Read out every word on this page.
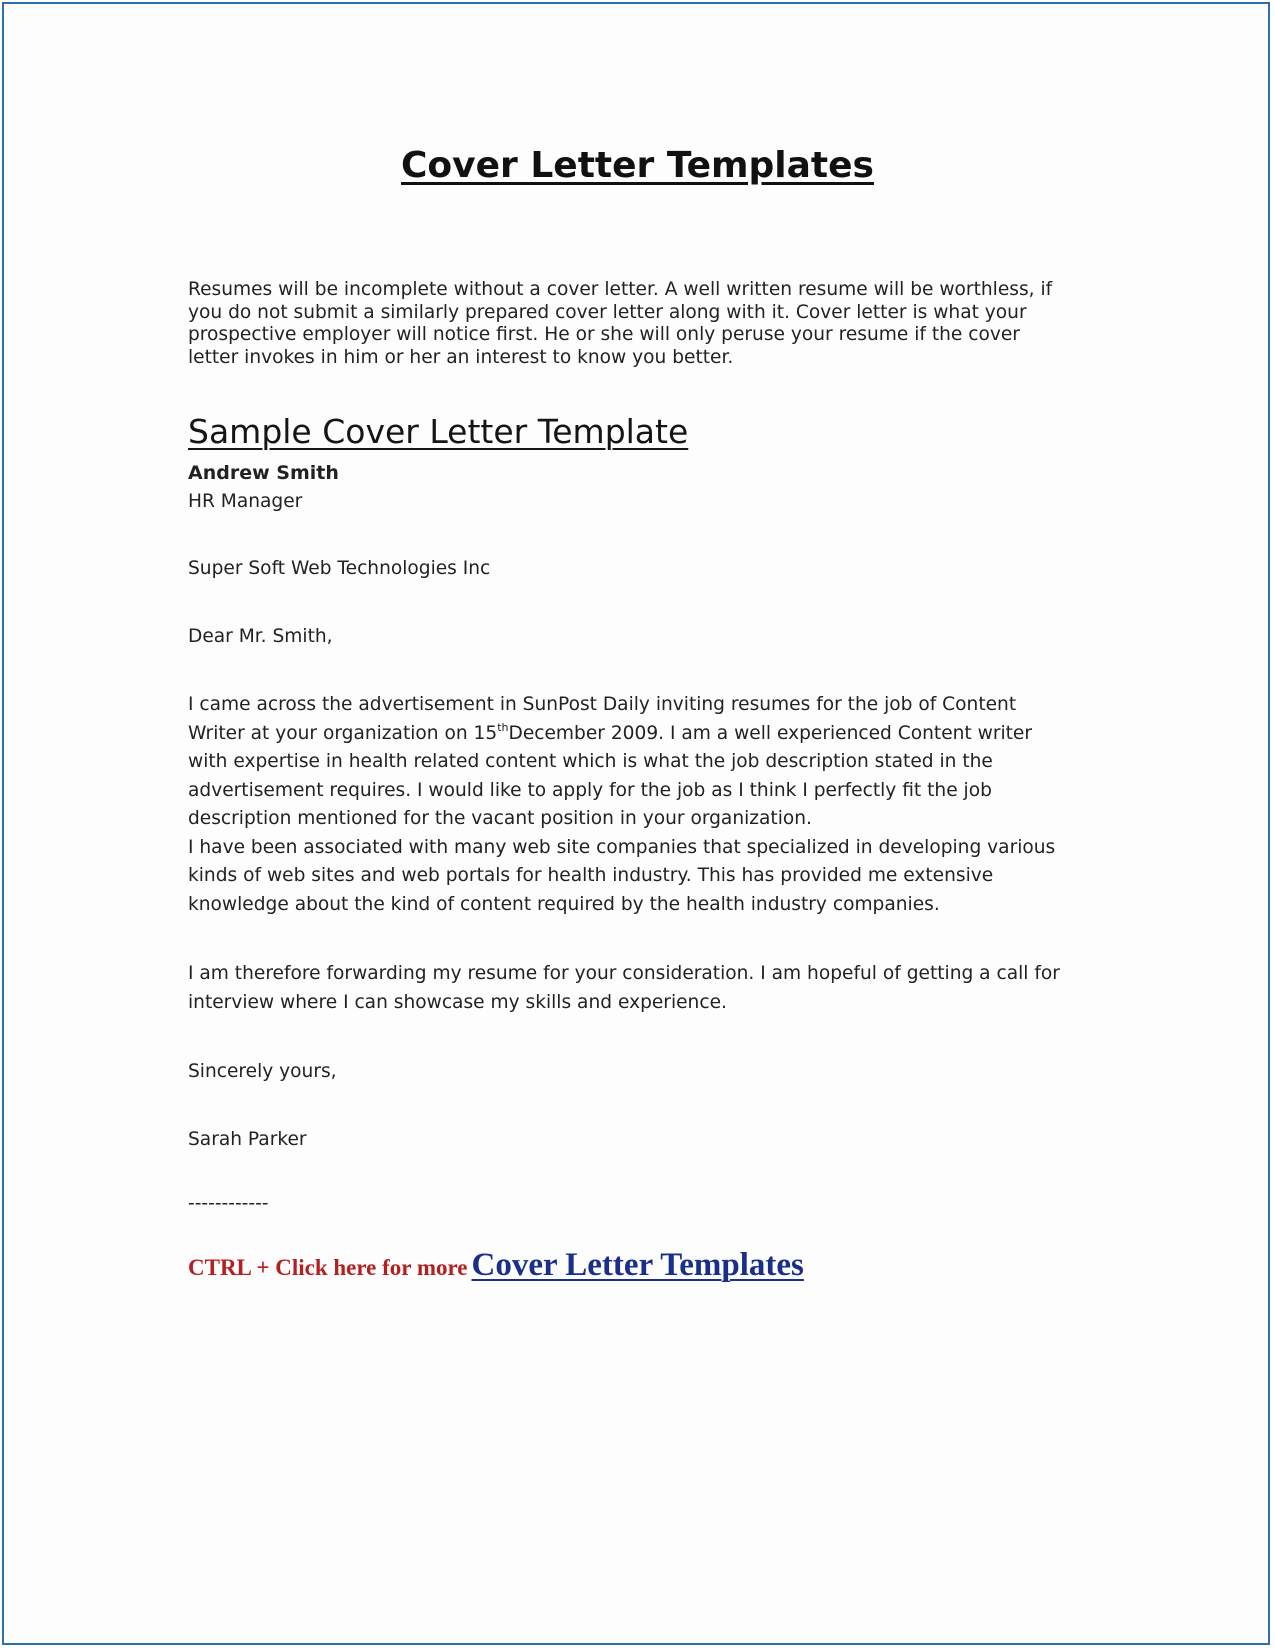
Cover Letter Templates

Resumes will be incomplete without a cover letter. A well written resume will be worthless, if
you do not submit a similarly prepared cover letter along with it. Cover letter is what your
prospective employer will notice first. He or she will only peruse your resume if the cover
letter invokes in him or her an interest to know you better.

Sample Cover Letter Template

Andrew Smith

HR Manager

Super Soft Web Technologies Inc

Dear Mr. Smith,

I came across the advertisement in SunPost Daily inviting resumes for the job of Content
Writer at your organization on 15thDecember 2009. I am a well experienced Content writer
with expertise in health related content which is what the job description stated in the
advertisement requires. I would like to apply for the job as I think I perfectly fit the job
description mentioned for the vacant position in your organization.
I have been associated with many web site companies that specialized in developing various
kinds of web sites and web portals for health industry. This has provided me extensive
knowledge about the kind of content required by the health industry companies.
I am therefore forwarding my resume for your consideration. I am hopeful of getting a call for
interview where I can showcase my skills and experience.

Sincerely yours,

Sarah Parker

------------

CTRL + Click here for more Cover Letter Templates
